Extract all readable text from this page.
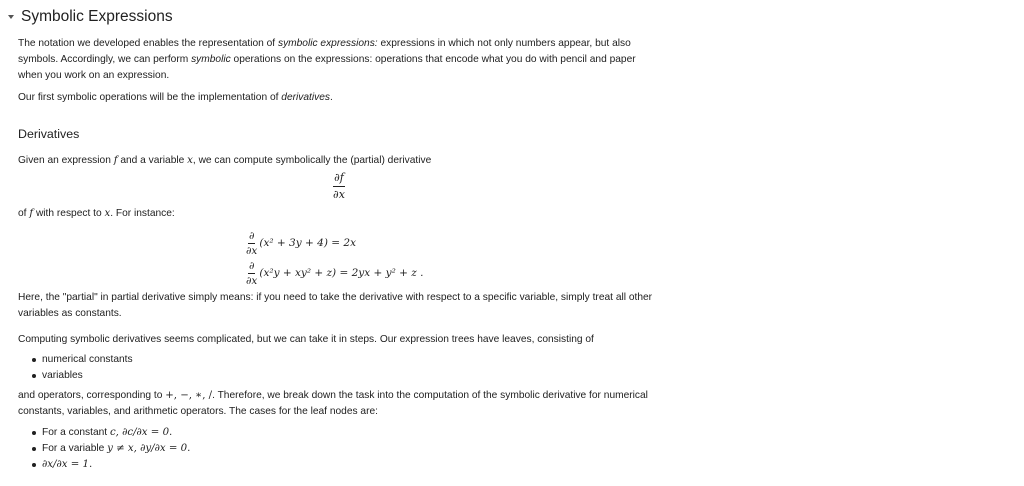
Symbolic Expressions

The notation we developed enables the representation of symbolic expressions: expressions in which not only numbers appear, but also symbols. Accordingly, we can perform symbolic operations on the expressions: operations that encode what you do with pencil and paper when you work on an expression.

Our first symbolic operations will be the implementation of derivatives.

Derivatives

Given an expression f and a variable x, we can compute symbolically the (partial) derivative

$\frac{\partial f}{\partial x}$

of f with respect to x. For instance:

$\frac{\partial}{\partial x} (x^2 + 3y + 4) = 2x$
$\frac{\partial}{\partial x} (x^2y + xy^2 + z) = 2yx + y^2 + z$ .

Here, the "partial" in partial derivative simply means: if you need to take the derivative with respect to a specific variable, simply treat all other variables as constants.

Computing symbolic derivatives seems complicated, but we can take it in steps. Our expression trees have leaves, consisting of

numerical constants
variables

and operators, corresponding to +, −, ∗, /. Therefore, we break down the task into the computation of the symbolic derivative for numerical constants, variables, and arithmetic operators. The cases for the leaf nodes are:

For a constant c, ∂c/∂x = 0.
For a variable y ≠ x, ∂y/∂x = 0.
∂x/∂x = 1.
